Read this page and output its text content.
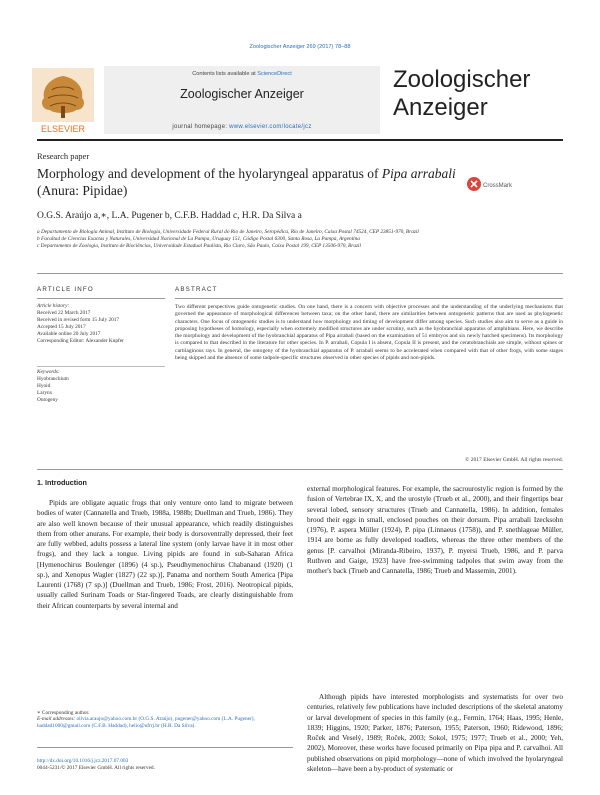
Zoologischer Anzeiger 269 (2017) 78–88
ELSEVIER
Contents lists available at ScienceDirect
Zoologischer Anzeiger
journal homepage: www.elsevier.com/locate/jcz
Zoologischer
Anzeiger
Research paper
Morphology and development of the hyolaryngeal apparatus of Pipa arrabali (Anura: Pipidae)	CrossMark
O.G.S. Araújo a,∗, L.A. Pugener b, C.F.B. Haddad c, H.R. Da Silva a
a Departamento de Biologia Animal, Instituto de Biologia, Universidade Federal Rural do Rio de Janeiro, Seropédica, Rio de Janeiro, Caixa Postal 74524, CEP 23851-970, Brazil
b Facultad de Ciencias Exactas y Naturales, Universidad Nacional de La Pampa, Uruguay 151, Código Postal 6300, Santa Rosa, La Pampa, Argentina
c Departamento de Zoologia, Instituto de Biociências, Universidade Estadual Paulista, Rio Claro, São Paulo, Caixa Postal 199, CEP 13506-970, Brazil
ARTICLE INFO	ABSTRACT
Article history:
Received 22 March 2017
Received in revised form 15 July 2017
Accepted 15 July 2017
Available online 20 July 2017
Corresponding Editor: Alexander Kupfer
Keywords:
Hyobranchium
Hyoid
Larynx
Ontogeny
Two different perspectives guide ontogenetic studies. On one hand, there is a concern with objective processes and the understanding of the underlying mechanisms that governed the appearance of morphological differences between taxa; on the other hand, there are similarities between ontogenetic patterns that are used as phylogenetic characters. One focus of ontogenetic studies is to understand how morphology and timing of development differ among species. Such studies also aim to serve as a guide in proposing hypotheses of homology, especially when extremely modified structures are under scrutiny, such as the hyobranchial apparatus of amphibians. Here, we describe the morphology and development of the hyobranchial apparatus of Pipa arrabali (based on the examination of 51 embryos and six newly hatched specimens). Its morphology is compared to that described in the literature for other species. In P. arrabali, Copula I is absent, Copula II is present, and the ceratobranchials are simple, without spines or cartilaginous rays. In general, the ontogeny of the hyobranchial apparatus of P. arrabali seems to be accelerated when compared with that of other frogs, with some stages being skipped and the absence of some tadpole-specific structures observed in other species of pipids and non-pipids.
© 2017 Elsevier GmbH. All rights reserved.
1. Introduction

Pipids are obligate aquatic frogs that only venture onto land to migrate between bodies of water (Cannatella and Trueb, 1988a, 1988b; Duellman and Trueb, 1986). They are also well known because of their unusual appearance, which readily distinguishes them from other anurans. For example, their body is dorsoventrally depressed, their feet are fully webbed, adults possess a lateral line system (only larvae have it in most other frogs), and they lack a tongue. Living pipids are found in sub-Saharan Africa [Hymenochirus Boulenger (1896) (4 sp.), Pseudhymenochirus Chabanaud (1920) (1 sp.), and Xenopus Wagler (1827) (22 sp.)], Panama and northern South America [Pipa Laurenti (1768) (7 sp.)] (Duellman and Trueb, 1986; Frost, 2016). Neotropical pipids, usually called Surinam Toads or Star-fingered Toads, are clearly distinguishable from their African counterparts by several internal and

external morphological features. For example, the sacrourostylic region is formed by the fusion of Vertebrae IX, X, and the urostyle (Trueb et al., 2000), and their fingertips bear several lobed, sensory structures (Trueb and Cannatella, 1986). In addition, females brood their eggs in small, enclosed pouches on their dorsum. Pipa arrabali Izecksohn (1976), P. aspera Müller (1924), P. pipa (Linnaeus (1758)), and P. snethlageae Müller, 1914 are borne as fully developed toadlets, whereas the three other members of the genus [P. carvalhoi (Miranda-Ribeiro, 1937), P. myersi Trueb, 1986, and P. parva Ruthven and Gaige, 1923] have free-swimming tadpoles that swim away from the mother's back (Trueb and Cannatella, 1986; Trueb and Massemin, 2001).

Although pipids have interested morphologists and systematists for over two centuries, relatively few publications have included descriptions of the skeletal anatomy or larval development of species in this family (e.g., Fermin, 1764; Haas, 1995; Henle, 1839; Higgins, 1920; Parker, 1876; Paterson, 1955; Paterson, 1960; Ridewood, 1896; Roček and Veselý, 1989; Roček, 2003; Sokol, 1975; 1977; Trueb et al., 2000; Yeh, 2002). Moreover, these works have focused primarily on Pipa pipa and P. carvalhoi. All published observations on pipid morphology—none of which involved the hyolaryngeal skeleton—have been a by-product of systematic or

∗ Corresponding author.
E-mail addresses: olivia.araujo@yahoo.com.br (O.G.S. Araújo), pugener@yahoo.com (L.A. Pugener), haddad1000@gmail.com (C.F.B. Haddad), helio@ufrrj.br (H.R. Da Silva).
http://dx.doi.org/10.1016/j.jcz.2017.07.003
0044-5231/© 2017 Elsevier GmbH. All rights reserved.
